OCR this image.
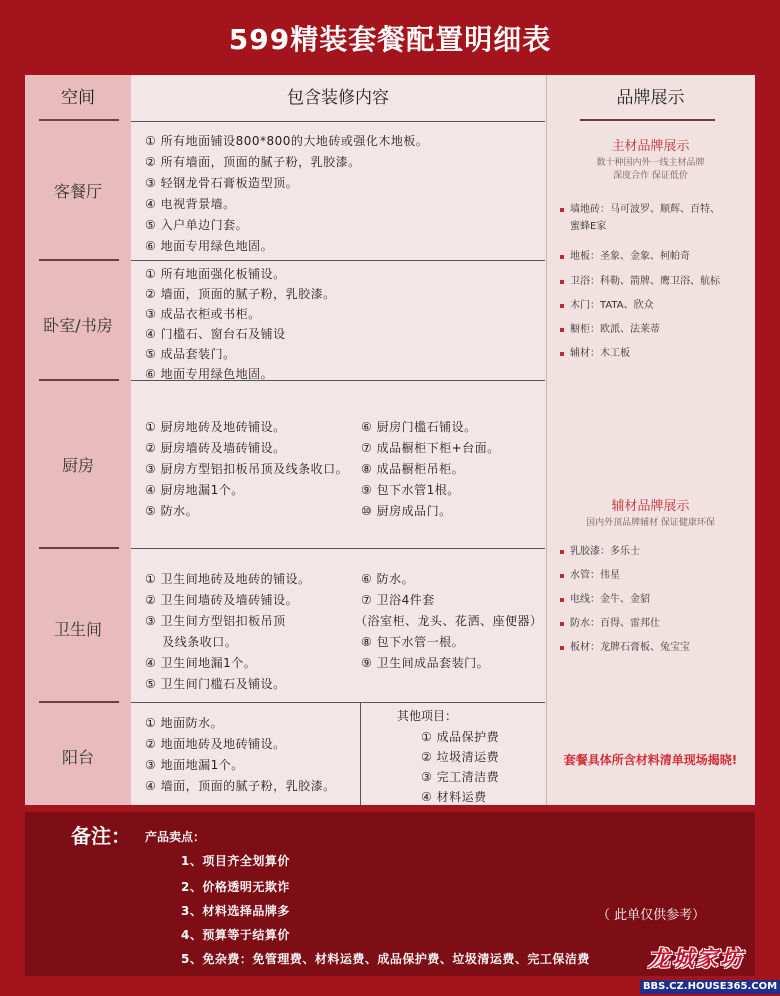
599精装套餐配置明细表
空间	包含装修内容	品牌展示
客餐厅
卧室/书房
厨房
卫生间
阳台
① 所有地面铺设800*800的大地砖或强化木地板。
② 所有墙面，顶面的腻子粉，乳胶漆。
③ 轻钢龙骨石膏板造型顶。
④ 电视背景墙。
⑤ 入户单边门套。
⑥ 地面专用绿色地固。
① 所有地面强化板铺设。
② 墙面，顶面的腻子粉，乳胶漆。
③ 成品衣柜或书柜。
④ 门槛石、窗台石及铺设
⑤ 成品套装门。
⑥ 地面专用绿色地固。
① 厨房地砖及地砖铺设。
② 厨房墙砖及墙砖铺设。
③ 厨房方型铝扣板吊顶及线条收口。
④ 厨房地漏1个。
⑤ 防水。
⑥ 厨房门槛石铺设。
⑦ 成品橱柜下柜+台面。
⑧ 成品橱柜吊柜。
⑨ 包下水管1根。
⑩ 厨房成品门。
① 卫生间地砖及地砖的铺设。
② 卫生间墙砖及墙砖铺设。
③ 卫生间方型铝扣板吊顶
及线条收口。
④ 卫生间地漏1个。
⑤ 卫生间门槛石及铺设。
⑥ 防水。
⑦ 卫浴4件套
（浴室柜、龙头、花洒、座便器）
⑧ 包下水管一根。
⑨ 卫生间成品套装门。
① 地面防水。
② 地面地砖及地砖铺设。
③ 地面地漏1个。
④ 墙面，顶面的腻子粉，乳胶漆。
其他项目：
① 成品保护费
② 垃圾清运费
③ 完工清洁费
④ 材料运费
主材品牌展示
数十种国内外一线主材品牌
深度合作 保证低价
墙地砖：马可波罗、顺辉、百特、
蜜蜂E家
地板：圣象、金象、柯帕奇
卫浴：科勒、箭牌、鹰卫浴、航标
木门：TATA、欣众
橱柜：欧派、法莱蒂
辅材：木工板
辅材品牌展示
国内外顶品牌辅材 保证健康环保
乳胶漆：多乐士
水管：伟星
电线：金牛、金貂
防水：百得、雷邦仕
板材：龙牌石膏板、兔宝宝
套餐具体所含材料清单现场揭晓!
备注： 产品卖点：
1、项目齐全划算价
2、价格透明无欺诈
3、材料选择品牌多
4、预算等于结算价
5、免杂费：免管理费、材料运费、成品保护费、垃圾清运费、完工保洁费
（ 此单仅供参考）
龙城家坊
BBS.CZ.HOUSE365.COM
